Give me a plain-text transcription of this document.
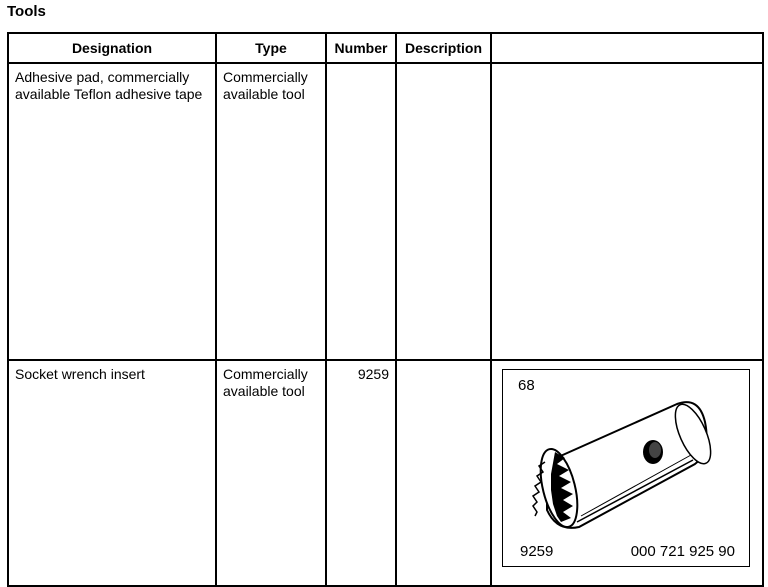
Tools
Designation	Type	Number	Description	
Adhesive pad, commercially available Teflon adhesive tape	Commercially available tool			
Socket wrench insert	Commercially available tool	9259		68
9259 000 721 925 90
